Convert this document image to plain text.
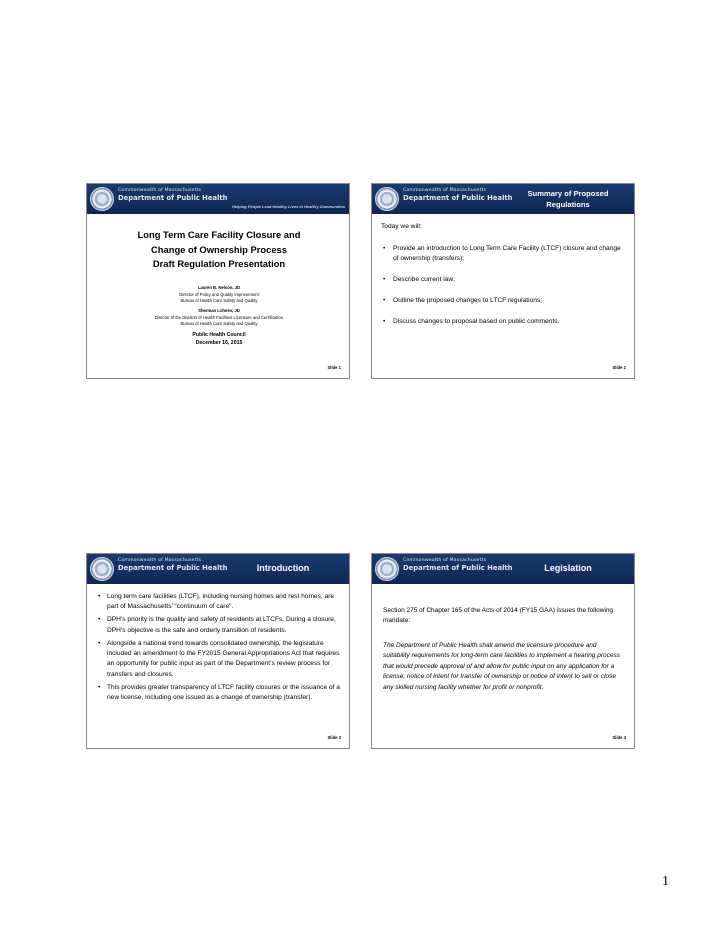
Commonwealth of Massachusetts
Department of Public Health
Helping People Lead Healthy Lives In Healthy Communities
Long Term Care Facility Closure and
Change of Ownership Process
Draft Regulation Presentation
Lauren B. Nelson, JD
Director of Policy and Quality Improvement
Bureau of Health Care Safety and Quality
Sherman Lohnes, JD
Director of the Division of Health Facilities Licensure and Certification
Bureau of Health Care Safety and Quality
Public Health Council
December 16, 2015
Slide 1
Commonwealth of Massachusetts
Department of Public Health	Summary of Proposed Regulations
Today we will:
• Provide an introduction to Long Term Care Facility (LTCF) closure and change of ownership (transfers);
• Describe current law;
• Outline the proposed changes to LTCF regulations;
• Discuss changes to proposal based on public comments.
Slide 2
Commonwealth of Massachusetts
Department of Public Health	Introduction
• Long term care facilities (LTCF), including nursing homes and rest homes, are part of Massachusetts’ “continuum of care”.
• DPH’s priority is the quality and safety of residents at LTCFs. During a closure, DPH’s objective is the safe and orderly transition of residents.
• Alongside a national trend towards consolidated ownership, the legislature included an amendment to the FY2015 General Appropriations Act that requires an opportunity for public input as part of the Department’s review process for transfers and closures.
• This provides greater transparency of LTCF facility closures or the issuance of a new license, including one issued as a change of ownership (transfer).
Slide 3
Commonwealth of Massachusetts
Department of Public Health	Legislation
Section 275 of Chapter 165 of the Acts of 2014 (FY15 GAA) issues the following mandate:
The Department of Public Health shall amend the licensure procedure and suitability requirements for long-term care facilities to implement a hearing process that would precede approval of and allow for public input on any application for a license, notice of intent for transfer of ownership or notice of intent to sell or close any skilled nursing facility whether for profit or nonprofit.
Slide 4
1
